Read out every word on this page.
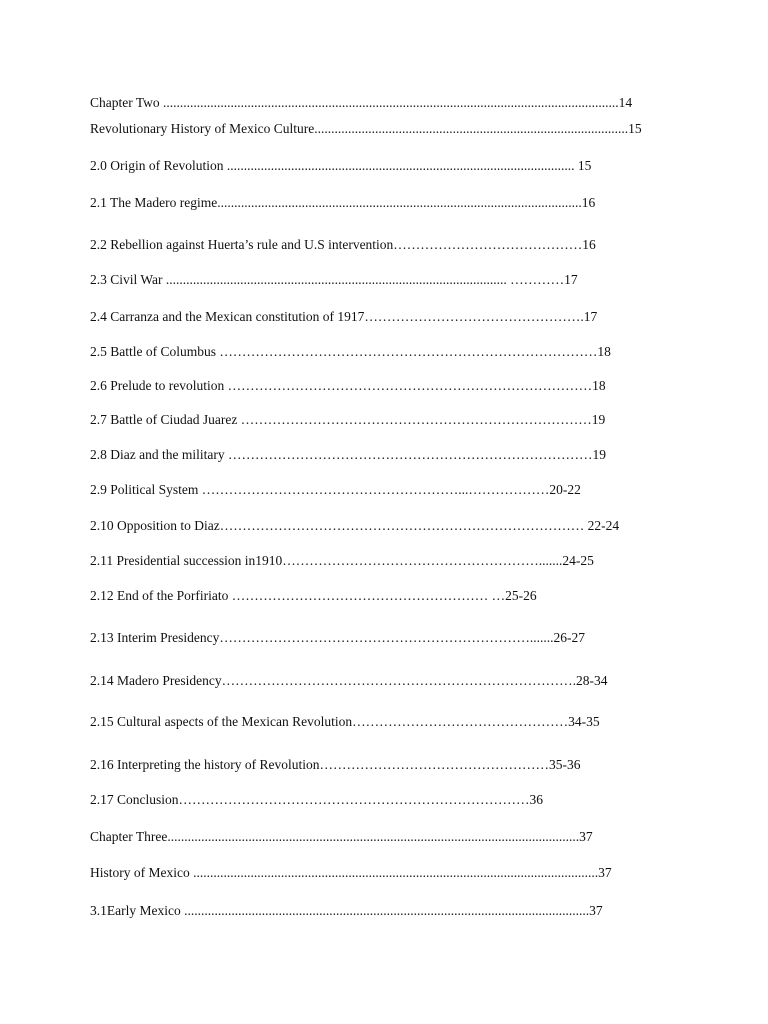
Chapter Two .......................................................................................................................................14
Revolutionary History of Mexico Culture.............................................................................................15
2.0 Origin of Revolution ....................................................................................................... 15
2.1 The Madero regime............................................................................................................16
2.2 Rebellion against Huerta’s rule and U.S intervention……………………………………16
2.3 Civil War ..................................................................................................... …………17
2.4 Carranza and the Mexican constitution of 1917………………………………………….17
2.5 Battle of Columbus …………………………………………………………………………18
2.6 Prelude to revolution ………………………………………………………………………18
2.7 Battle of Ciudad Juarez ……………………………………………………………………19
2.8 Diaz and the military ………………………………………………………………………19
2.9 Political System …………………………………………………...………………20-22
2.10 Opposition to Diaz……………………………………………………………………… 22-24
2.11 Presidential succession in1910………………………………………………….......24-25
2.12 End of the Porfiriato ………………………………………………… …25-26
2.13 Interim Presidency…………………………………………………………….......26-27
2.14 Madero Presidency…………………………………………………………………….28-34
2.15 Cultural aspects of the Mexican Revolution…………………………………………34-35
2.16 Interpreting the history of Revolution……………………………………………35-36
2.17 Conclusion……………………………………………………………………36
Chapter Three..........................................................................................................................37
History of Mexico ........................................................................................................................37
3.1Early Mexico ........................................................................................................................37
